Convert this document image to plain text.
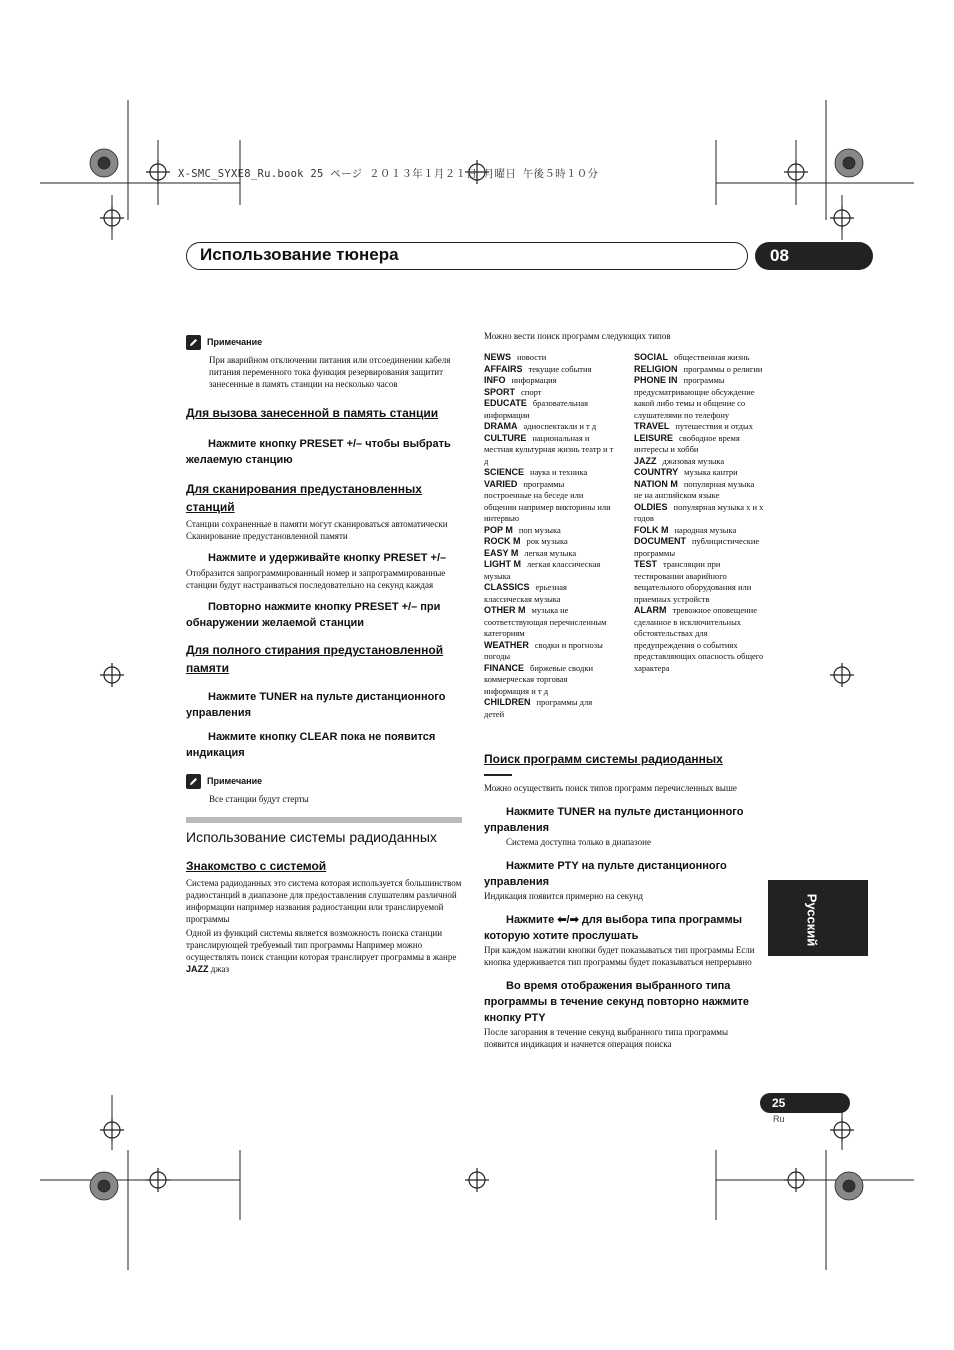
X-SMC_SYXE8_Ru.book 25 ページ ２０１３年１月２１日 月曜日 午後５時１０分
Использование тюнера	08
Примечание
При аварийном отключении питания или отсоединении кабеля питания переменного тока функция резервирования защитит занесенные в память станции на несколько часов
Для вызова занесенной в память станции
Нажмите кнопку PRESET +/– чтобы выбрать желаемую станцию
Для сканирования предустановленных станций
Станции сохраненные в памяти могут сканироваться автоматически Сканирование предустановленной памяти
Нажмите и удерживайте кнопку PRESET +/–
Отобразится запрограммированный номер и запрограммированные станции будут настраиваться последовательно на секунд каждая
Повторно нажмите кнопку PRESET +/– при обнаружении желаемой станции
Для полного стирания предустановленной памяти
Нажмите TUNER на пульте дистанционного управления
Нажмите кнопку CLEAR пока не появится индикация
Примечание
Все станции будут стерты
Использование системы радиоданных
Знакомство с системой
Система радиоданных это система которая используется большинством радиостанций в диапазоне для предоставления слушателям различной информации например названия радиостанции или транслируемой программы
Одной из функций системы является возможность поиска станции транслирующей требуемый тип программы Например можно осуществлять поиск станции которая транслирует программы в жанре JAZZ джаз
Можно вести поиск программ следующих типов
NEWS новости
AFFAIRS текущие события
INFO информация
SPORT спорт
EDUCATE бразовательная информации
DRAMA адиоспектакли и т д
CULTURE национальная и местная культурная жизнь театр и т д
SCIENCE наука и техника
VARIED программы построенные на беседе или общении например викторины или интервью
POP M поп музыка
ROCK M рок музыка
EASY M легкая музыка
LIGHT M легкая классическая музыка
CLASSICS ерьезная классическая музыка
OTHER M музыка не соответствующая перечисленным категориям
WEATHER сводки и прогнозы погоды
FINANCE биржевые сводки коммерческая торговая информация и т д
CHILDREN программы для детей
SOCIAL общественная жизнь
RELIGION программы о религии
PHONE IN программы предусматривающие обсуждение какой либо темы и общение со слушателями по телефону
TRAVEL путешествия и отдых
LEISURE свободное время интересы и хобби
JAZZ джазовая музыка
COUNTRY музыка кантри
NATION M популярная музыка не на английском языке
OLDIES популярная музыка х и х годов
FOLK M народная музыка
DOCUMENT публицистические программы
TEST трансляции при тестировании аварийного вещательного оборудования или приемных устройств
ALARM тревожное оповещение сделанное в исключительных обстоятельствах для предупреждения о событиях представляющих опасность общего характера
Поиск программ системы радиоданных
Можно осуществить поиск типов программ перечисленных выше
Нажмите TUNER на пульте дистанционного управления
Система доступна только в диапазоне
Нажмите PTY на пульте дистанционного управления
Индикация появится примерно на секунд
Нажмите ⬅/➡ для выбора типа программы которую хотите прослушать
При каждом нажатии кнопки будет показываться тип программы Если кнопка удерживается тип программы будет показываться непрерывно
Во время отображения выбранного типа программы в течение секунд повторно нажмите кнопку PTY
После загорания в течение секунд выбранного типа программы появится индикация и начнется операция поиска
Русский
25
Ru
